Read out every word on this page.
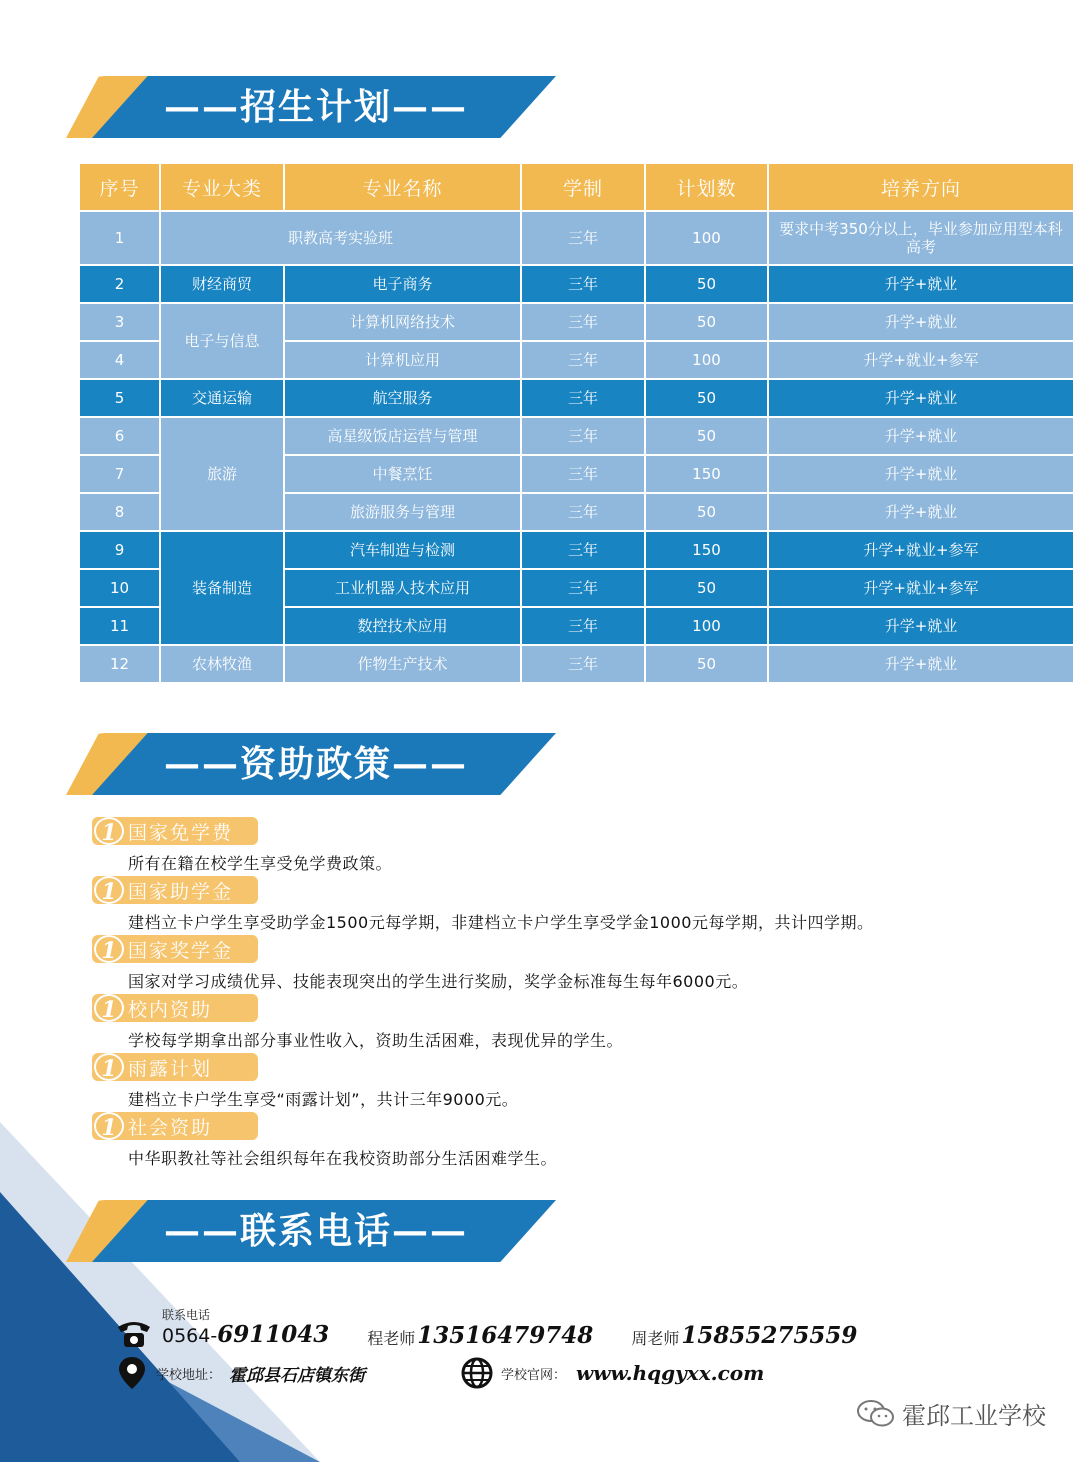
——招生计划——
序号	专业大类	专业名称	学制	计划数	培养方向
1	职教高考实验班		三年	100	要求中考350分以上，毕业参加应用型本科高考
2	财经商贸	电子商务	三年	50	升学+就业
3	电子与信息	计算机网络技术	三年	50	升学+就业
4		计算机应用	三年	100	升学+就业+参军
5	交通运输	航空服务	三年	50	升学+就业
6	旅游	高星级饭店运营与管理	三年	50	升学+就业
7		中餐烹饪	三年	150	升学+就业
8		旅游服务与管理	三年	50	升学+就业
9	装备制造	汽车制造与检测	三年	150	升学+就业+参军
10		工业机器人技术应用	三年	50	升学+就业+参军
11		数控技术应用	三年	100	升学+就业
12	农林牧渔	作物生产技术	三年	50	升学+就业
——资助政策——
1 国家免学费
所有在籍在校学生享受免学费政策。
1 国家助学金
建档立卡户学生享受助学金1500元每学期，非建档立卡户学生享受学金1000元每学期，共计四学期。
1 国家奖学金
国家对学习成绩优异、技能表现突出的学生进行奖励，奖学金标准每生每年6000元。
1 校内资助
学校每学期拿出部分事业性收入，资助生活困难，表现优异的学生。
1 雨露计划
建档立卡户学生享受“雨露计划”，共计三年9000元。
1 社会资助
中华职教社等社会组织每年在我校资助部分生活困难学生。
——联系电话——
联系电话
0564-6911043 程老师 13516479748 周老师 15855275559
学校地址： 霍邱县石店镇东街	学校官网： www.hqgyxx.com
霍邱工业学校
